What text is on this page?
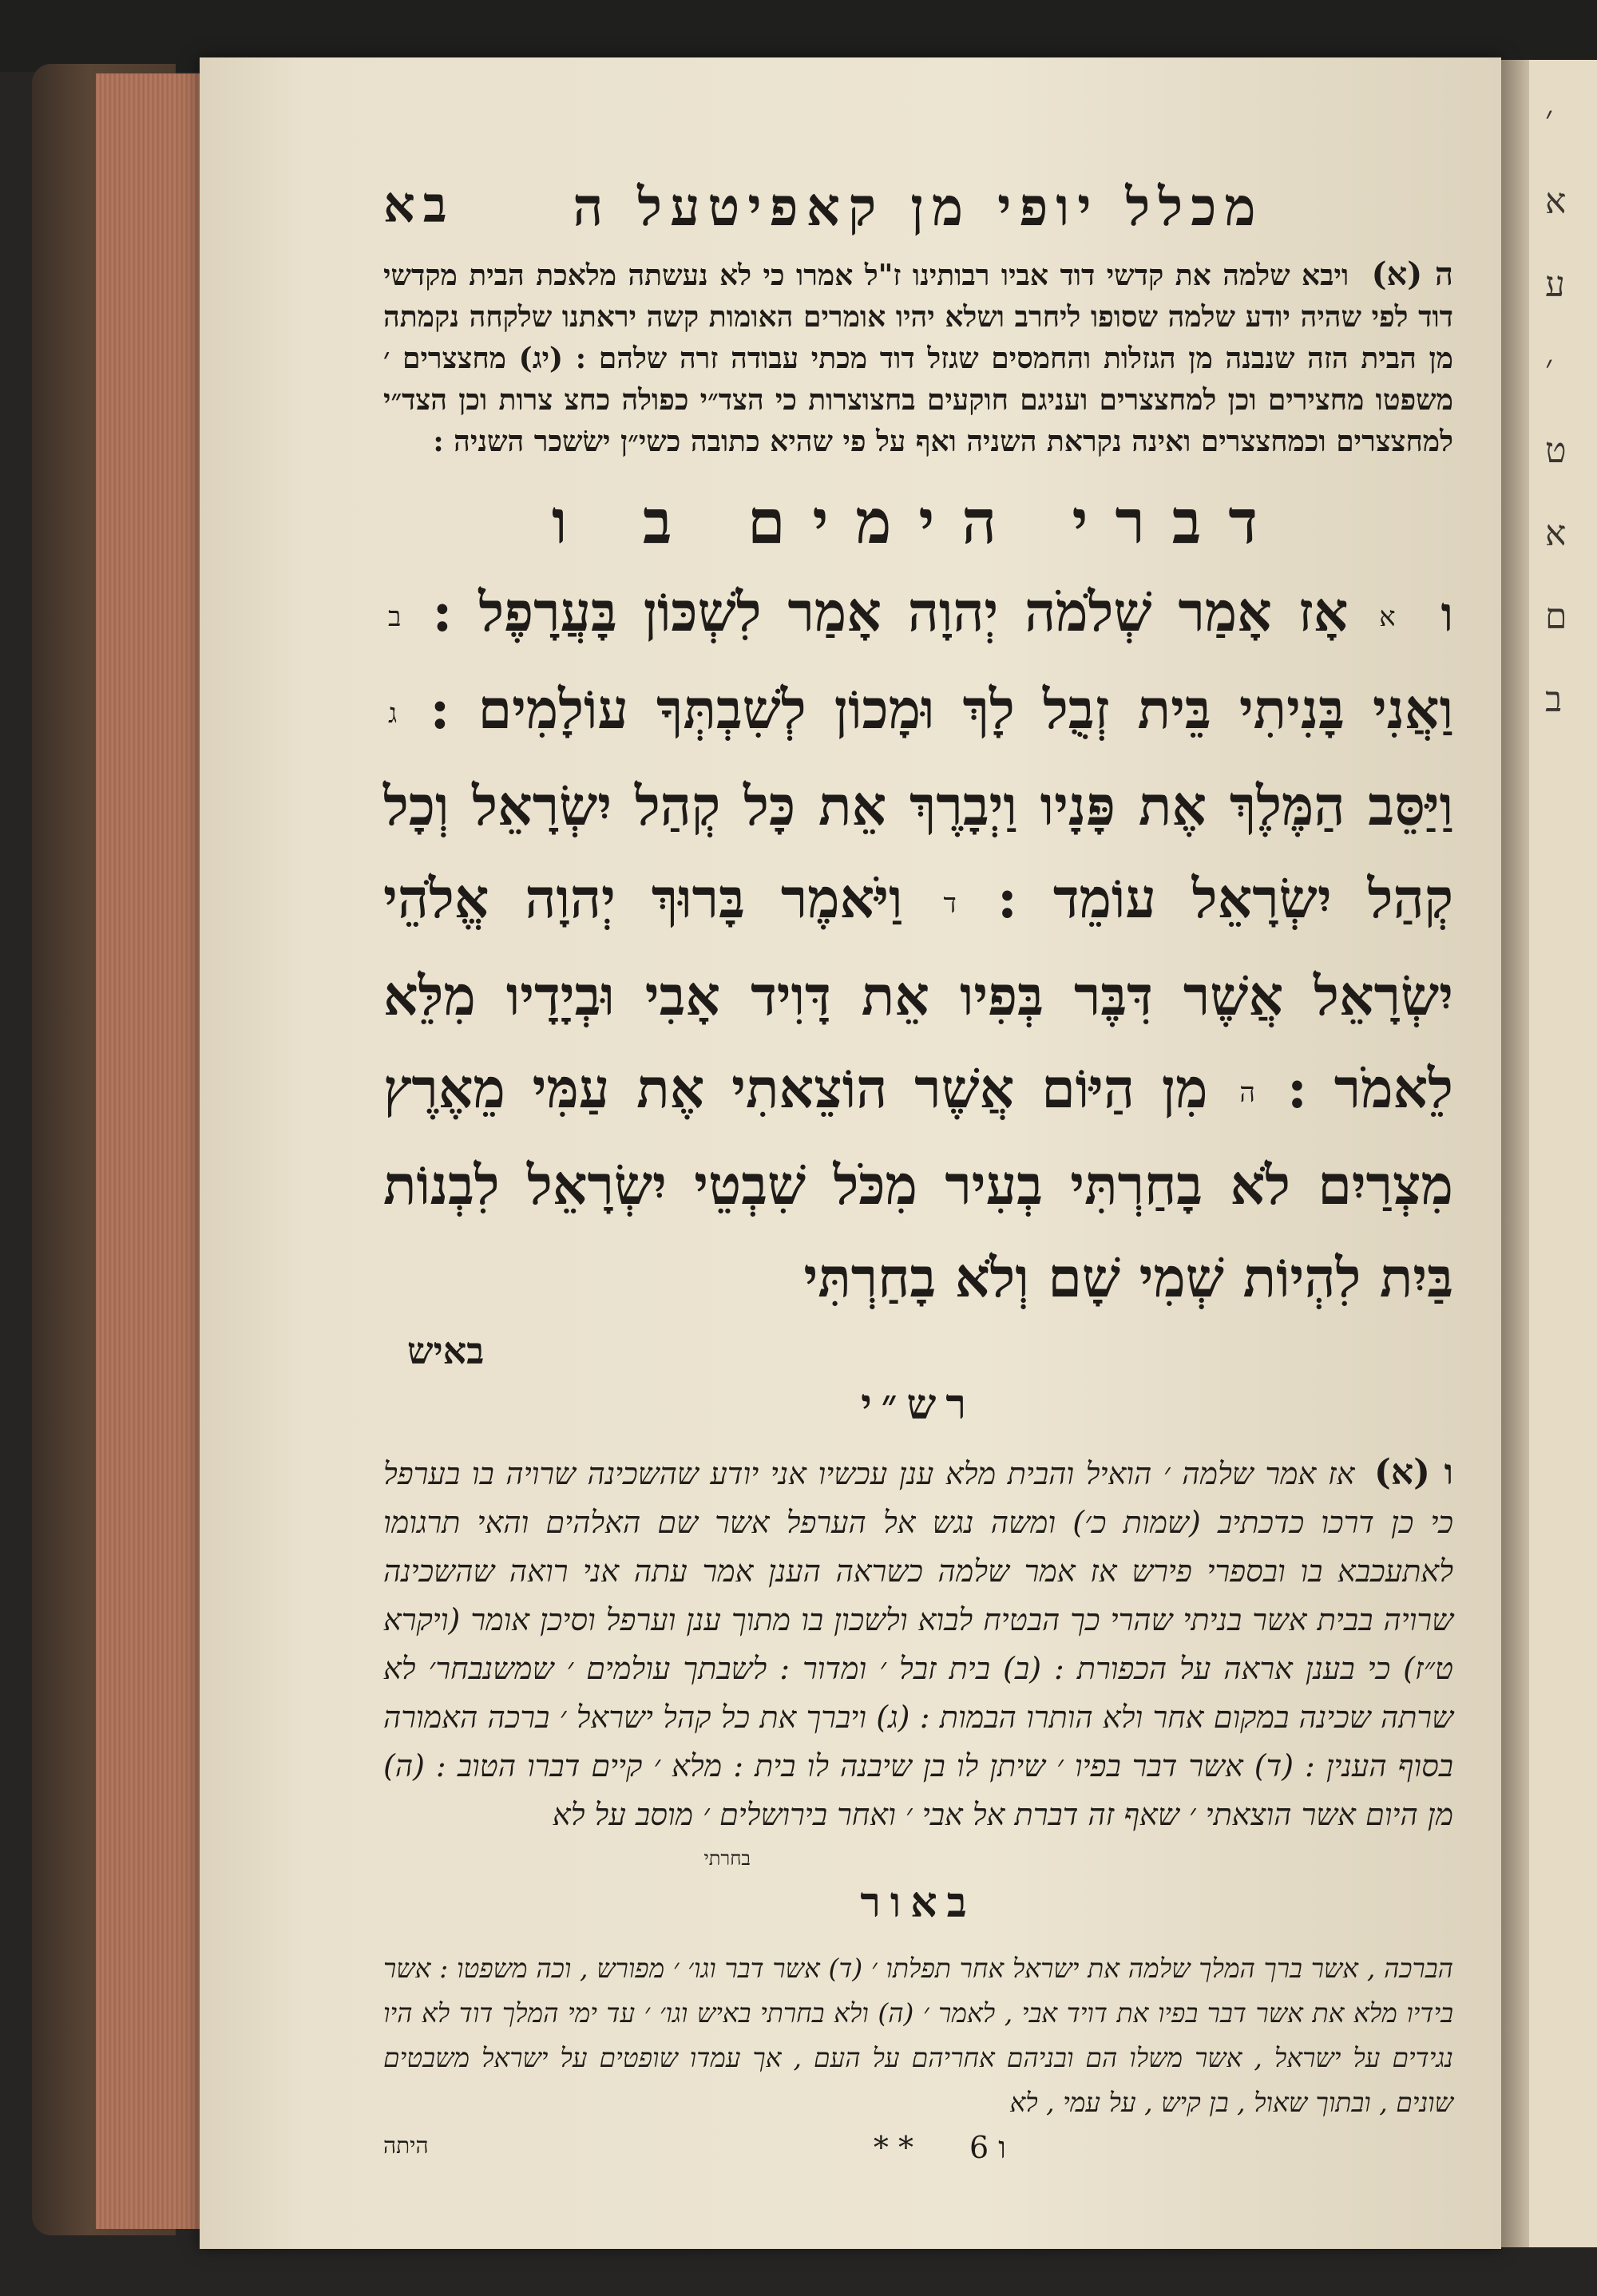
׳
א
ע
׳
ט
א
ם
ב
מכלל יופי מן קאפיטעל ה
בא
ה (א) ויבא שלמה את קדשי דוד אביו רבותינו ז"ל אמרו כי לא נעשתה מלאכת הבית מקדשי דוד לפי שהיה יודע שלמה שסופו ליחרב ושלא יהיו אומרים האומות קשה יראתנו שלקחה נקמתה מן הבית הזה שנבנה מן הגזלות והחמסים שגזל דוד מכתי עבודה זרה שלהם : (יג) מחצצרים ׳ משפטו מחצירים וכן למחצצרים ועניגם חוקעים בחצוצרות כי הצד״י כפולה כחצ צרות וכן הצד״י למחצצרים וכמחצצרים ואינה נקראת השניה ואף על פי שהיא כתובה כשי״ן ישׂשכר השניה :
דברי הימים ב ו
ו א אָז אָמַר שְׁלֹמֹה יְהוָה אָמַר לִשְׁכּוֹן בָּעֲרָפֶל : ב וַאֲנִי בָּנִיתִי בֵּית זְבֻל לָךְ וּמָכוֹן לְשִׁבְתְּךָ עוֹלָמִים : ג וַיַּסֵּב הַמֶּלֶךְ אֶת פָּנָיו וַיְבָרֶךְ אֵת כָּל קְהַל יִשְׂרָאֵל וְכָל קְהַל יִשְׂרָאֵל עוֹמֵד : ד וַיֹּאמֶר בָּרוּךְ יְהוָה אֱלֹהֵי יִשְׂרָאֵל אֲשֶׁר דִּבֶּר בְּפִיו אֵת דָּוִיד אָבִי וּבְיָדָיו מִלֵּא לֵאמֹר : ה מִן הַיּוֹם אֲשֶׁר הוֹצֵאתִי אֶת עַמִּי מֵאֶרֶץ מִצְרַיִם לֹא בָחַרְתִּי בְעִיר מִכֹּל שִׁבְטֵי יִשְׂרָאֵל לִבְנוֹת בַּיִת לִהְיוֹת שְׁמִי שָׁם וְלֹא בָחַרְתִּי
באיש
רש״י
ו (א) אז אמר שלמה ׳ הואיל והבית מלא ענן עכשיו אני יודע שהשכינה שרויה בו בערפל כי כן דרכו כדכתיב (שמות כ׳) ומשה נגש אל הערפל אשר שם האלהים והאי תרגומו לאתעכבא בו ובספרי פירש אז אמר שלמה כשראה הענן אמר עתה אני רואה שהשכינה שרויה בבית אשר בניתי שהרי כך הבטיח לבוא ולשכון בו מתוך ענן וערפל וסיכן אומר (ויקרא ט״ז) כי בענן אראה על הכפורת : (ב) בית זבל ׳ ומדור : לשבתך עולמים ׳ שמשנבחר׳ לא שרתה שכינה במקום אחר ולא הותרו הבמות : (ג) ויברך את כל קהל ישראל ׳ ברכה האמורה בסוף הענין : (ד) אשר דבר בפיו ׳ שיתן לו בן שיבנה לו בית : מלא ׳ קיים דברו הטוב : (ה) מן היום אשר הוצאתי ׳ שאף זה דברת אל אבי ׳ ואחר בירושלים ׳ מוסב על לא
בחרתי
באור
הברכה , אשר ברך המלך שלמה את ישראל אחר תפלתו ׳ (ד) אשר דבר וגו׳ ׳ מפורש , וכה משפטו : אשר בידיו מלא את אשר דבר בפיו את דויד אבי , לאמר ׳ (ה) ולא בחרתי באיש וגו׳ ׳ עד ימי המלך דוד לא היו נגידים על ישראל , אשר משלו הם ובניהם אחריהם על העם , אך עמדו שופטים על ישראל משבטים שונים , ובתוך שאול , בן קיש , על עמי , לא
ו 6
* *
היתה
